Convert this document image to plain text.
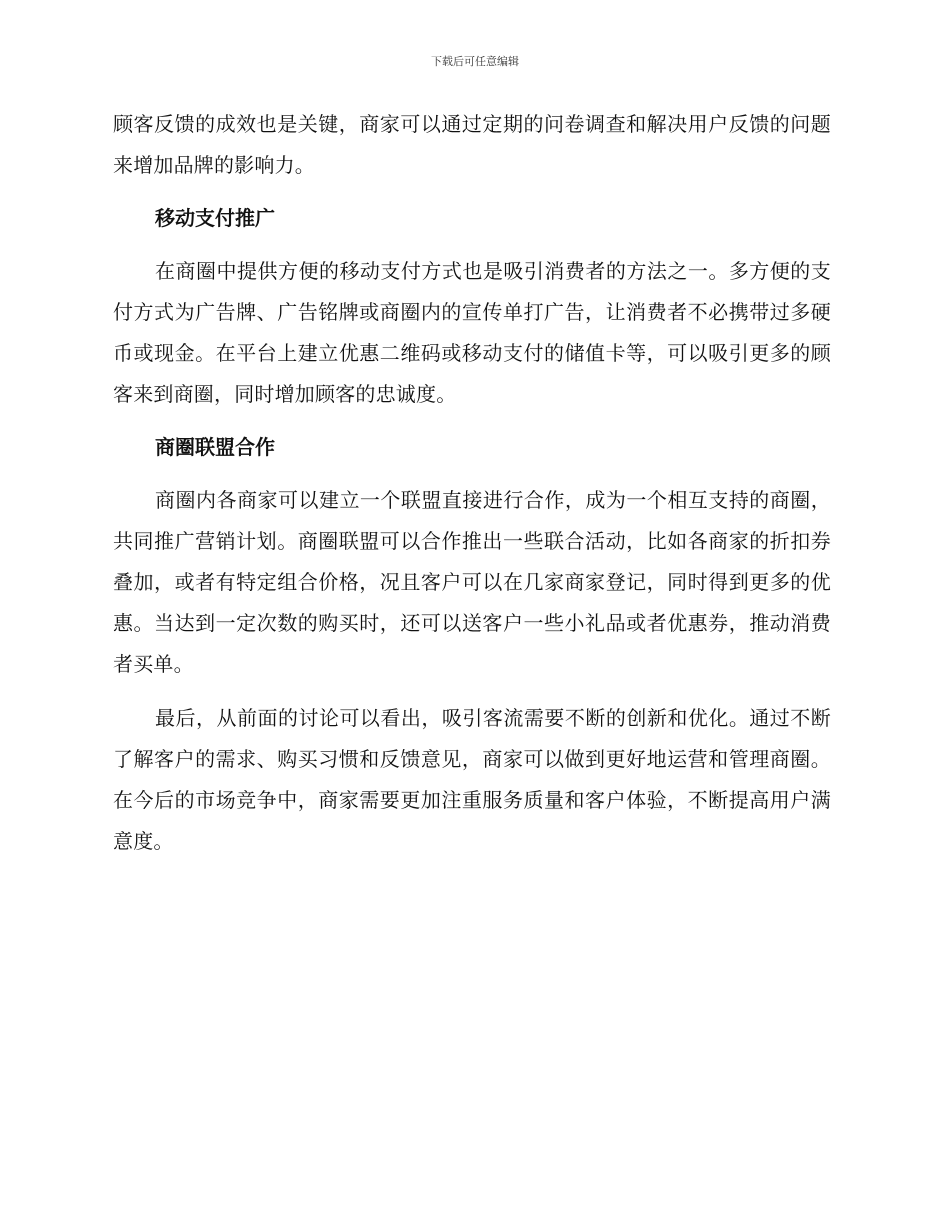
下载后可任意编辑

顾客反馈的成效也是关键，商家可以通过定期的问卷调查和解决用户反馈的问题来增加品牌的影响力。

移动支付推广

在商圈中提供方便的移动支付方式也是吸引消费者的方法之一。多方便的支付方式为广告牌、广告铭牌或商圈内的宣传单打广告，让消费者不必携带过多硬币或现金。在平台上建立优惠二维码或移动支付的储值卡等，可以吸引更多的顾客来到商圈，同时增加顾客的忠诚度。

商圈联盟合作

商圈内各商家可以建立一个联盟直接进行合作，成为一个相互支持的商圈，共同推广营销计划。商圈联盟可以合作推出一些联合活动，比如各商家的折扣券叠加，或者有特定组合价格，况且客户可以在几家商家登记，同时得到更多的优惠。当达到一定次数的购买时，还可以送客户一些小礼品或者优惠券，推动消费者买单。

最后，从前面的讨论可以看出，吸引客流需要不断的创新和优化。通过不断了解客户的需求、购买习惯和反馈意见，商家可以做到更好地运营和管理商圈。在今后的市场竞争中，商家需要更加注重服务质量和客户体验，不断提高用户满意度。
